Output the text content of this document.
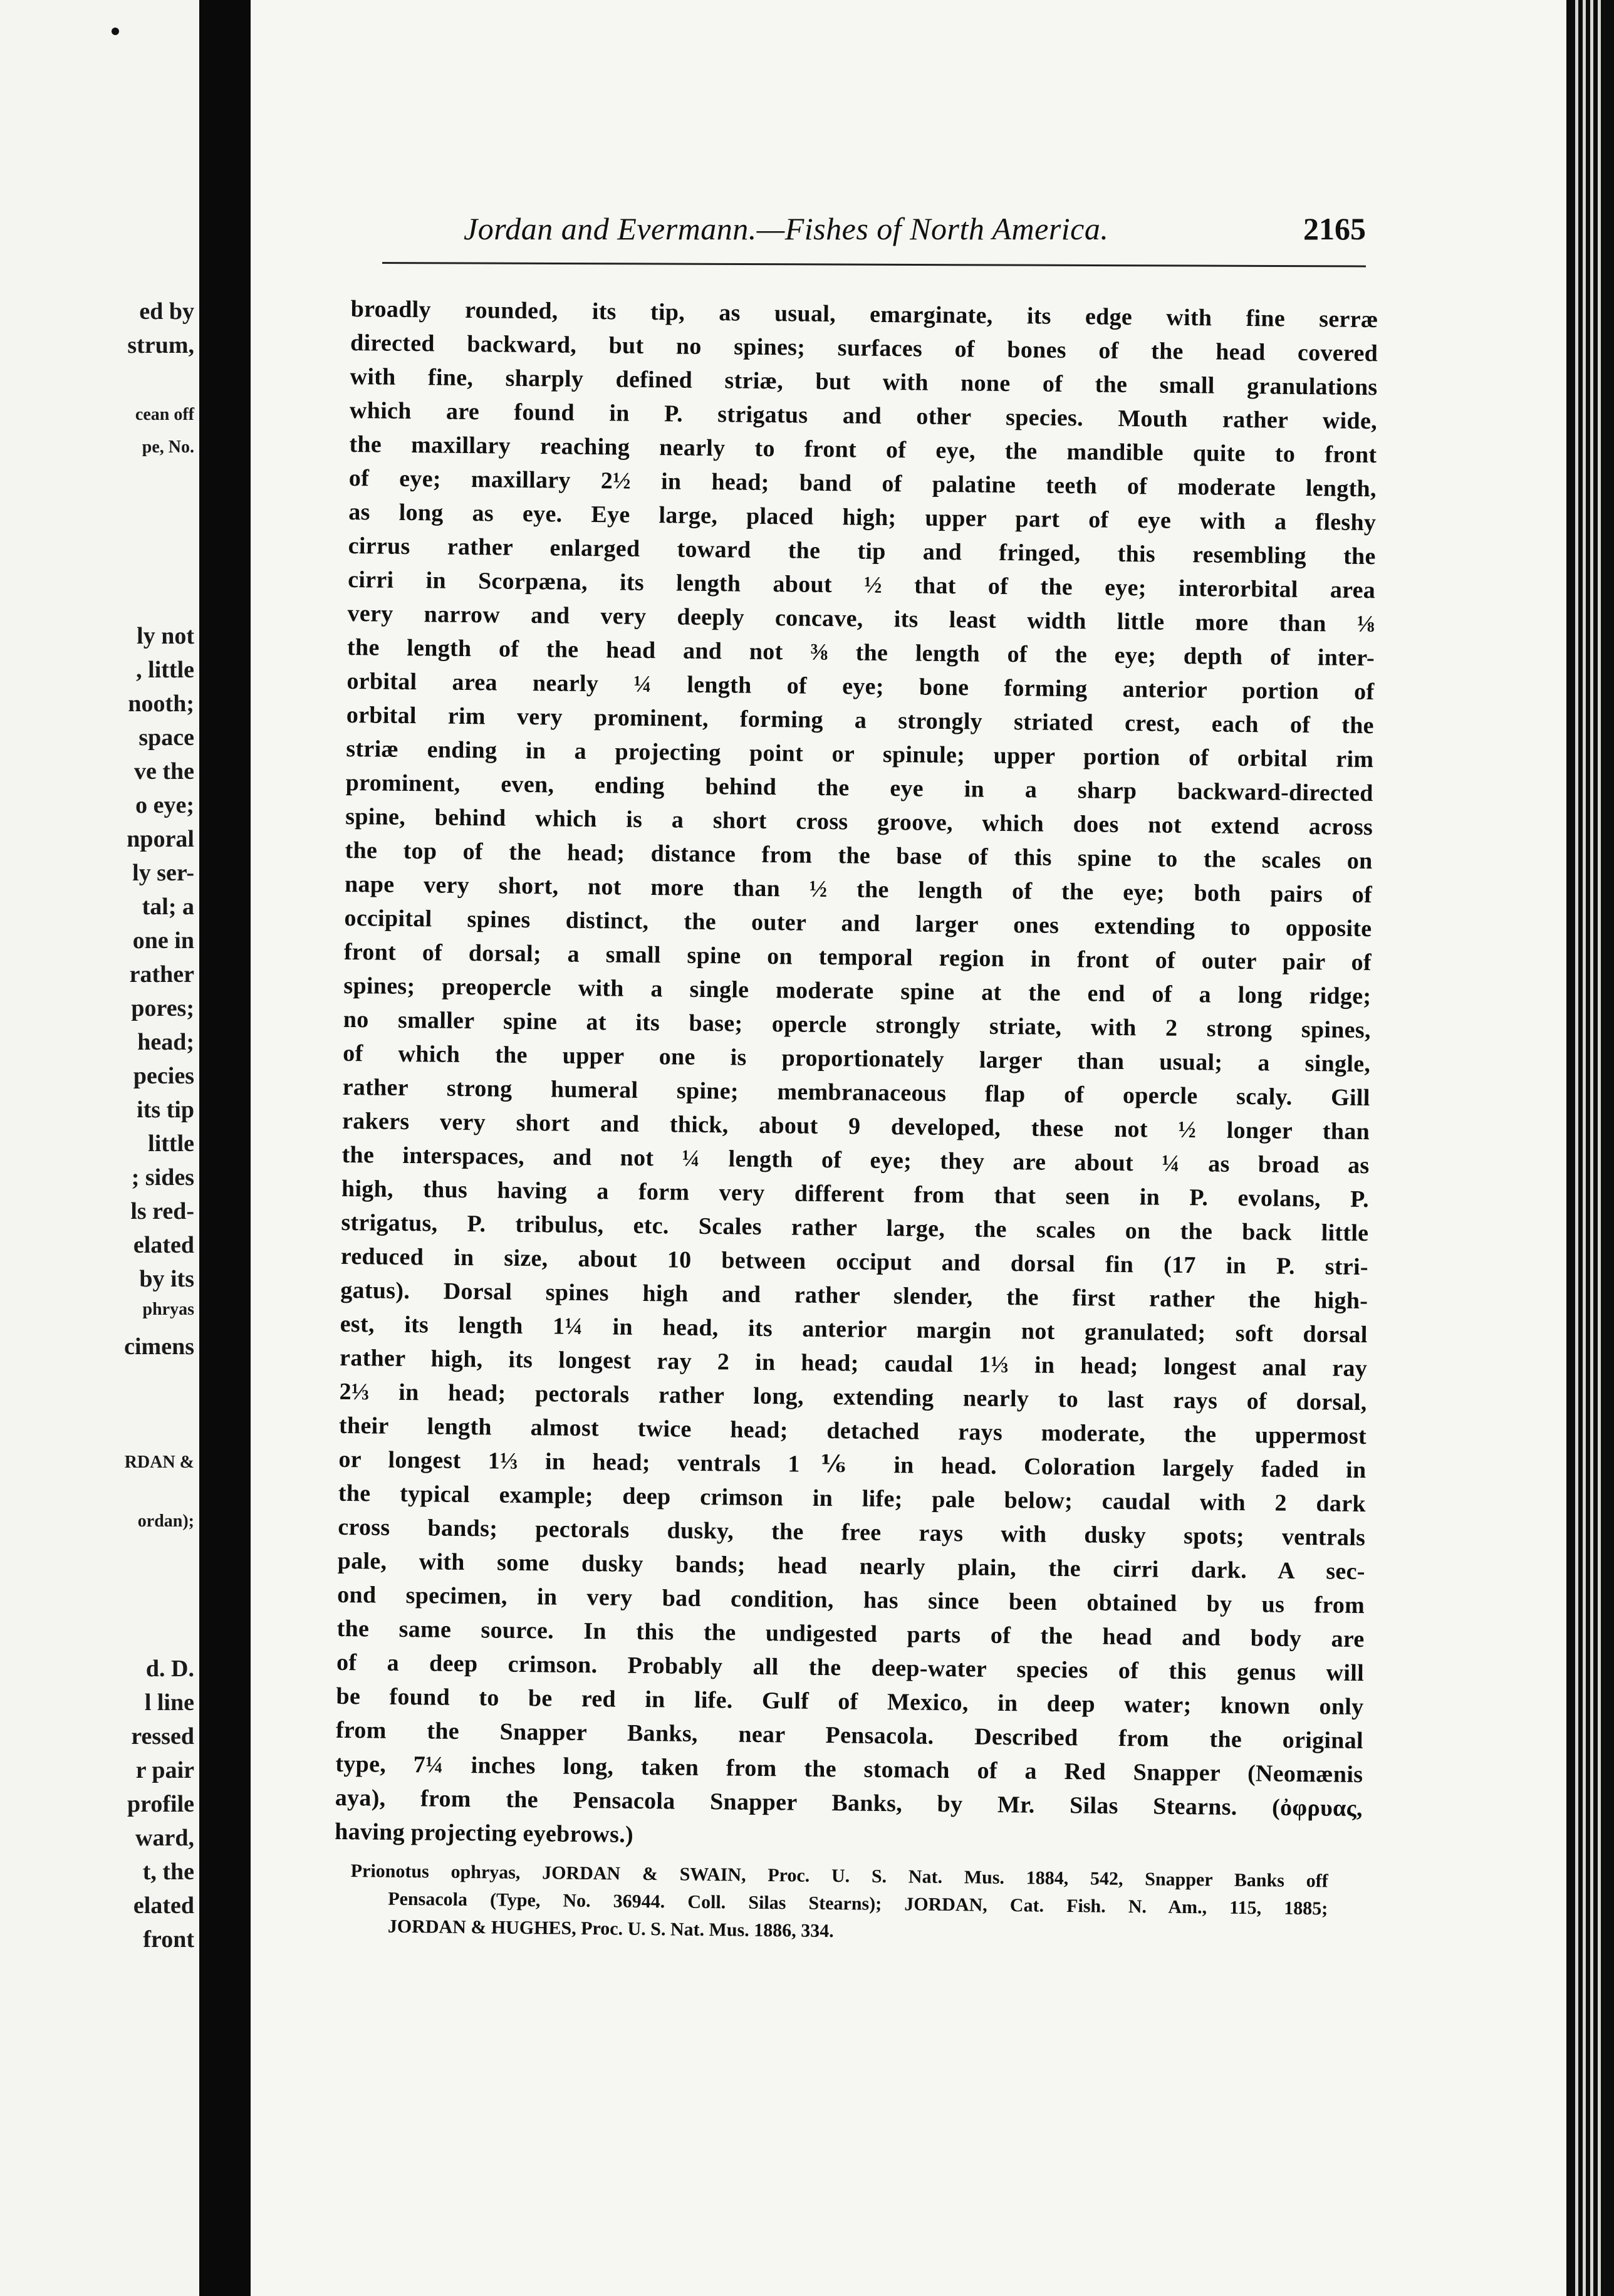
ed by
strum,
cean off
pe, No.
ly not
, little
nooth;
space
ve the
o eye;
nporal
ly ser-
tal; a
one in
rather
pores;
head;
pecies
its tip
little
; sides
ls red-
elated
by its
phryas
cimens
RDAN &
ordan);
d. D.
l line
ressed
r pair
profile
ward,
t, the
elated
front
Jordan and Evermann.—Fishes of North America.	2165
broadly rounded, its tip, as usual, emarginate, its edge with fine serræ
directed backward, but no spines; surfaces of bones of the head covered
with fine, sharply defined striæ, but with none of the small granulations
which are found in P. strigatus and other species. Mouth rather wide,
the maxillary reaching nearly to front of eye, the mandible quite to front
of eye; maxillary 2½ in head; band of palatine teeth of moderate length,
as long as eye. Eye large, placed high; upper part of eye with a fleshy
cirrus rather enlarged toward the tip and fringed, this resembling the
cirri in Scorpæna, its length about ½ that of the eye; interorbital area
very narrow and very deeply concave, its least width little more than ⅛
the length of the head and not ⅜ the length of the eye; depth of inter-
orbital area nearly ¼ length of eye; bone forming anterior portion of
orbital rim very prominent, forming a strongly striated crest, each of the
striæ ending in a projecting point or spinule; upper portion of orbital rim
prominent, even, ending behind the eye in a sharp backward-directed
spine, behind which is a short cross groove, which does not extend across
the top of the head; distance from the base of this spine to the scales on
nape very short, not more than ½ the length of the eye; both pairs of
occipital spines distinct, the outer and larger ones extending to opposite
front of dorsal; a small spine on temporal region in front of outer pair of
spines; preopercle with a single moderate spine at the end of a long ridge;
no smaller spine at its base; opercle strongly striate, with 2 strong spines,
of which the upper one is proportionately larger than usual; a single,
rather strong humeral spine; membranaceous flap of opercle scaly. Gill
rakers very short and thick, about 9 developed, these not ½ longer than
the interspaces, and not ¼ length of eye; they are about ¼ as broad as
high, thus having a form very different from that seen in P. evolans, P.
strigatus, P. tribulus, etc. Scales rather large, the scales on the back little
reduced in size, about 10 between occiput and dorsal fin (17 in P. stri-
gatus). Dorsal spines high and rather slender, the first rather the high-
est, its length 1¼ in head, its anterior margin not granulated; soft dorsal
rather high, its longest ray 2 in head; caudal 1⅓ in head; longest anal ray
2⅓ in head; pectorals rather long, extending nearly to last rays of dorsal,
their length almost twice head; detached rays moderate, the uppermost
or longest 1⅓ in head; ventrals 1⅙ in head. Coloration largely faded in
the typical example; deep crimson in life; pale below; caudal with 2 dark
cross bands; pectorals dusky, the free rays with dusky spots; ventrals
pale, with some dusky bands; head nearly plain, the cirri dark. A sec-
ond specimen, in very bad condition, has since been obtained by us from
the same source. In this the undigested parts of the head and body are
of a deep crimson. Probably all the deep-water species of this genus will
be found to be red in life. Gulf of Mexico, in deep water; known only
from the Snapper Banks, near Pensacola. Described from the original
type, 7¼ inches long, taken from the stomach of a Red Snapper (Neomænis
aya), from the Pensacola Snapper Banks, by Mr. Silas Stearns. (ὀφρυας,
having projecting eyebrows.)
Prionotus ophryas, JORDAN & SWAIN, Proc. U. S. Nat. Mus. 1884, 542, Snapper Banks off
Pensacola (Type, No. 36944. Coll. Silas Stearns); JORDAN, Cat. Fish. N. Am., 115, 1885;
JORDAN & HUGHES, Proc. U. S. Nat. Mus. 1886, 334.
